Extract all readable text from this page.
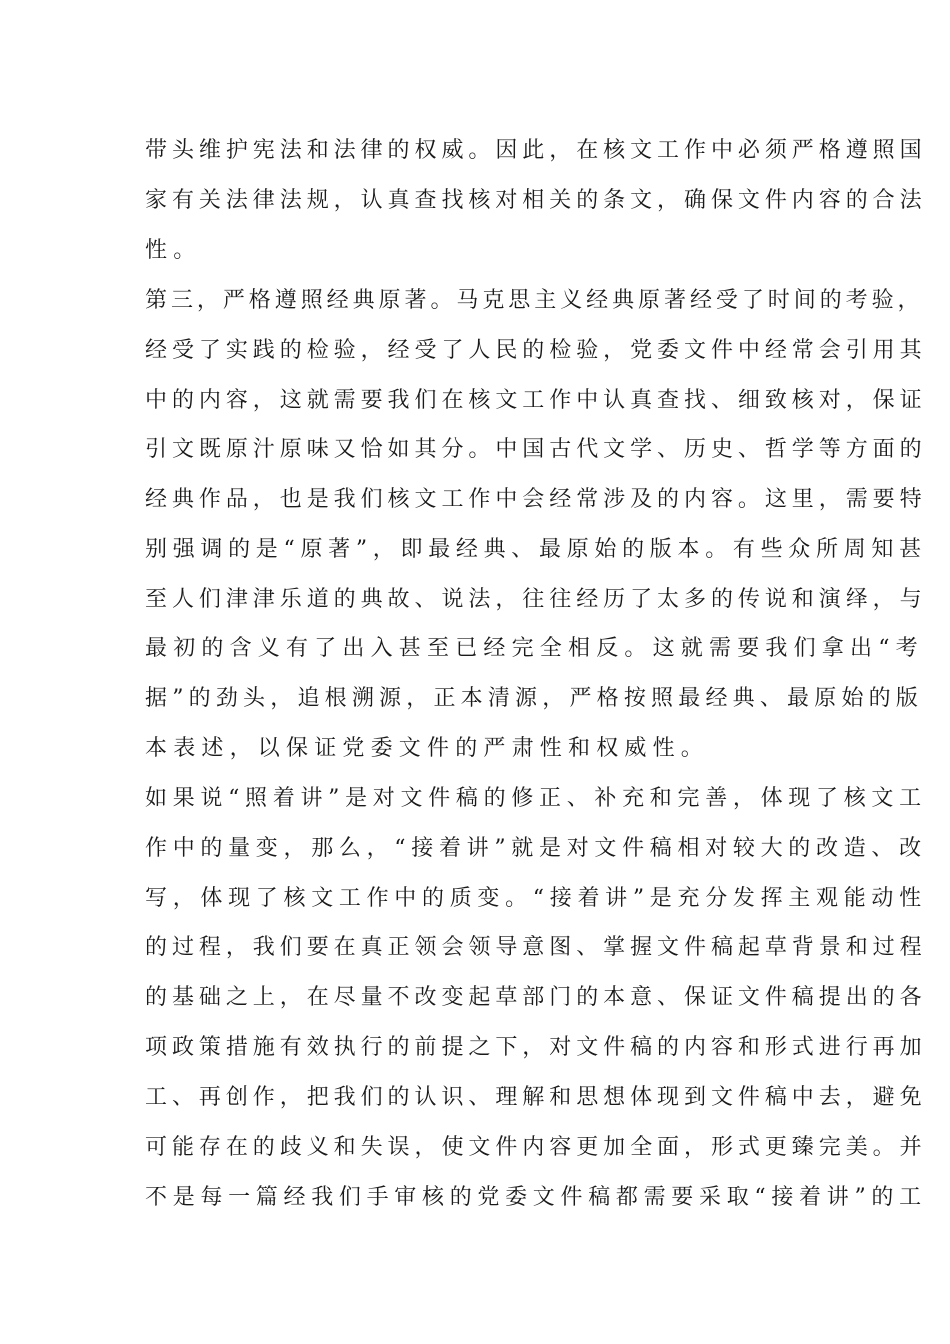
带头维护宪法和法律的权威。因此，在核文工作中必须严格遵照国

家有关法律法规，认真查找核对相关的条文，确保文件内容的合法

性。

第三，严格遵照经典原著。马克思主义经典原著经受了时间的考验，

经受了实践的检验，经受了人民的检验，党委文件中经常会引用其

中的内容，这就需要我们在核文工作中认真查找、细致核对，保证

引文既原汁原味又恰如其分。中国古代文学、历史、哲学等方面的

经典作品，也是我们核文工作中会经常涉及的内容。这里，需要特

别强调的是“原著”，即最经典、最原始的版本。有些众所周知甚

至人们津津乐道的典故、说法，往往经历了太多的传说和演绎，与

最初的含义有了出入甚至已经完全相反。这就需要我们拿出“考

据”的劲头，追根溯源，正本清源，严格按照最经典、最原始的版

本表述，以保证党委文件的严肃性和权威性。

如果说“照着讲”是对文件稿的修正、补充和完善，体现了核文工

作中的量变，那么，“接着讲”就是对文件稿相对较大的改造、改

写，体现了核文工作中的质变。“接着讲”是充分发挥主观能动性

的过程，我们要在真正领会领导意图、掌握文件稿起草背景和过程

的基础之上，在尽量不改变起草部门的本意、保证文件稿提出的各

项政策措施有效执行的前提之下，对文件稿的内容和形式进行再加

工、再创作，把我们的认识、理解和思想体现到文件稿中去，避免

可能存在的歧义和失误，使文件内容更加全面，形式更臻完美。并

不是每一篇经我们手审核的党委文件稿都需要采取“接着讲”的工
